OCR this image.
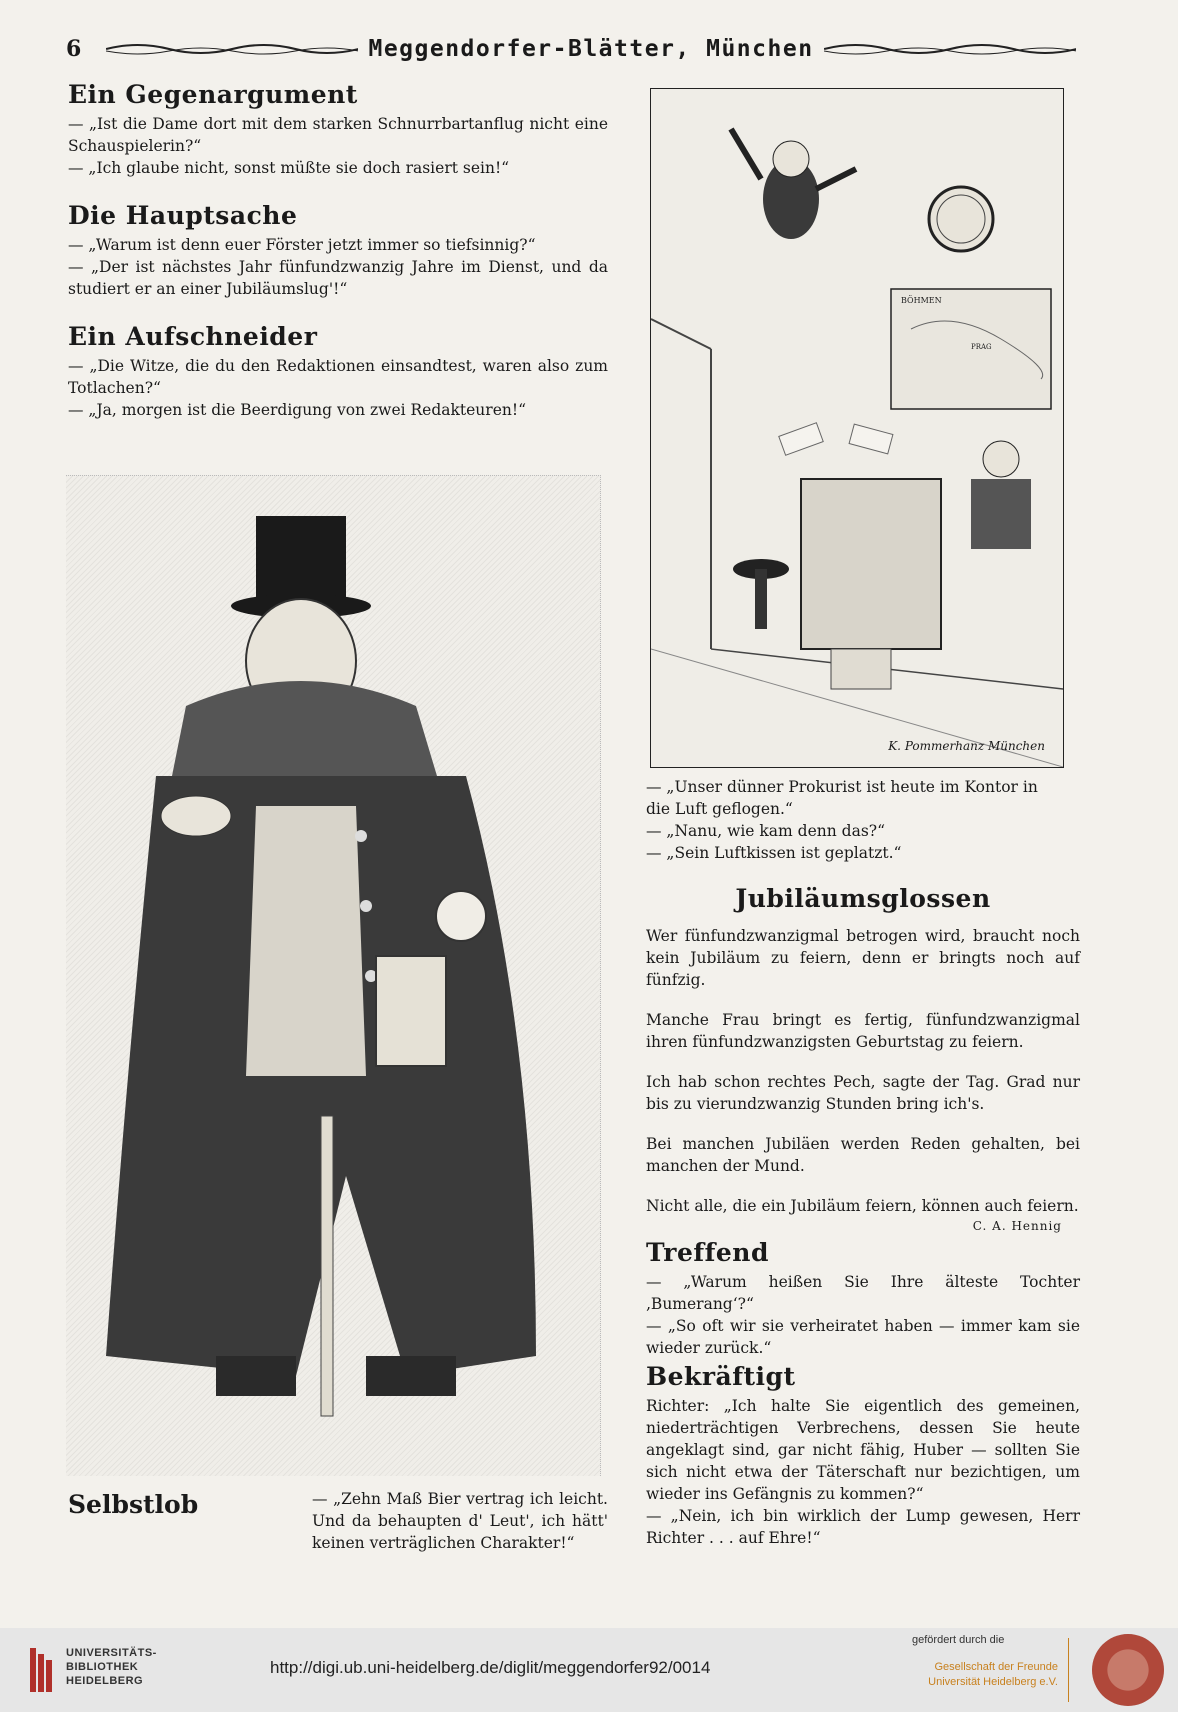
6	Meggendorfer-Blätter, München
Ein Gegenargument

— „Ist die Dame dort mit dem starken Schnurrbartanflug nicht eine Schauspielerin?“

— „Ich glaube nicht, sonst müßte sie doch rasiert sein!“

Die Hauptsache

— „Warum ist denn euer Förster jetzt immer so tiefsinnig?“

— „Der ist nächstes Jahr fünfundzwanzig Jahre im Dienst, und da studiert er an einer Jubiläumslug'!“

Ein Aufschneider

— „Die Witze, die du den Redaktionen einsandtest, waren also zum Totlachen?“

— „Ja, morgen ist die Beerdigung von zwei Redakteuren!“

Selbstlob	— „Zehn Maß Bier vertrag ich leicht. Und da behaupten d' Leut', ich hätt' keinen verträglichen Charakter!“

BÖHMEN
PRAG
K. Pommerhanz München

— „Unser dünner Prokurist ist heute im Kontor in die Luft geflogen.“

— „Nanu, wie kam denn das?“

— „Sein Luftkissen ist geplatzt.“

Jubiläumsglossen

Wer fünfundzwanzigmal betrogen wird, braucht noch kein Jubiläum zu feiern, denn er bringts noch auf fünfzig.

Manche Frau bringt es fertig, fünfundzwanzigmal ihren fünfundzwanzigsten Geburtstag zu feiern.

Ich hab schon rechtes Pech, sagte der Tag. Grad nur bis zu vierundzwanzig Stunden bring ich's.

Bei manchen Jubiläen werden Reden gehalten, bei manchen der Mund.

Nicht alle, die ein Jubiläum feiern, können auch feiern.

C. A. Hennig
Treffend

— „Warum heißen Sie Ihre älteste Tochter ‚Bumerang‘?“

— „So oft wir sie verheiratet haben — immer kam sie wieder zurück.“

Bekräftigt

Richter: „Ich halte Sie eigentlich des gemeinen, niederträchtigen Verbrechens, dessen Sie heute angeklagt sind, gar nicht fähig, Huber — sollten Sie sich nicht etwa der Täterschaft nur bezichtigen, um wieder ins Gefängnis zu kommen?“

— „Nein, ich bin wirklich der Lump gewesen, Herr Richter . . . auf Ehre!“

UNIVERSITÄTS-
BIBLIOTHEK
HEIDELBERG
http://digi.ub.uni-heidelberg.de/diglit/meggendorfer92/0014
gefördert durch die
Gesellschaft der Freunde
Universität Heidelberg e.V.
